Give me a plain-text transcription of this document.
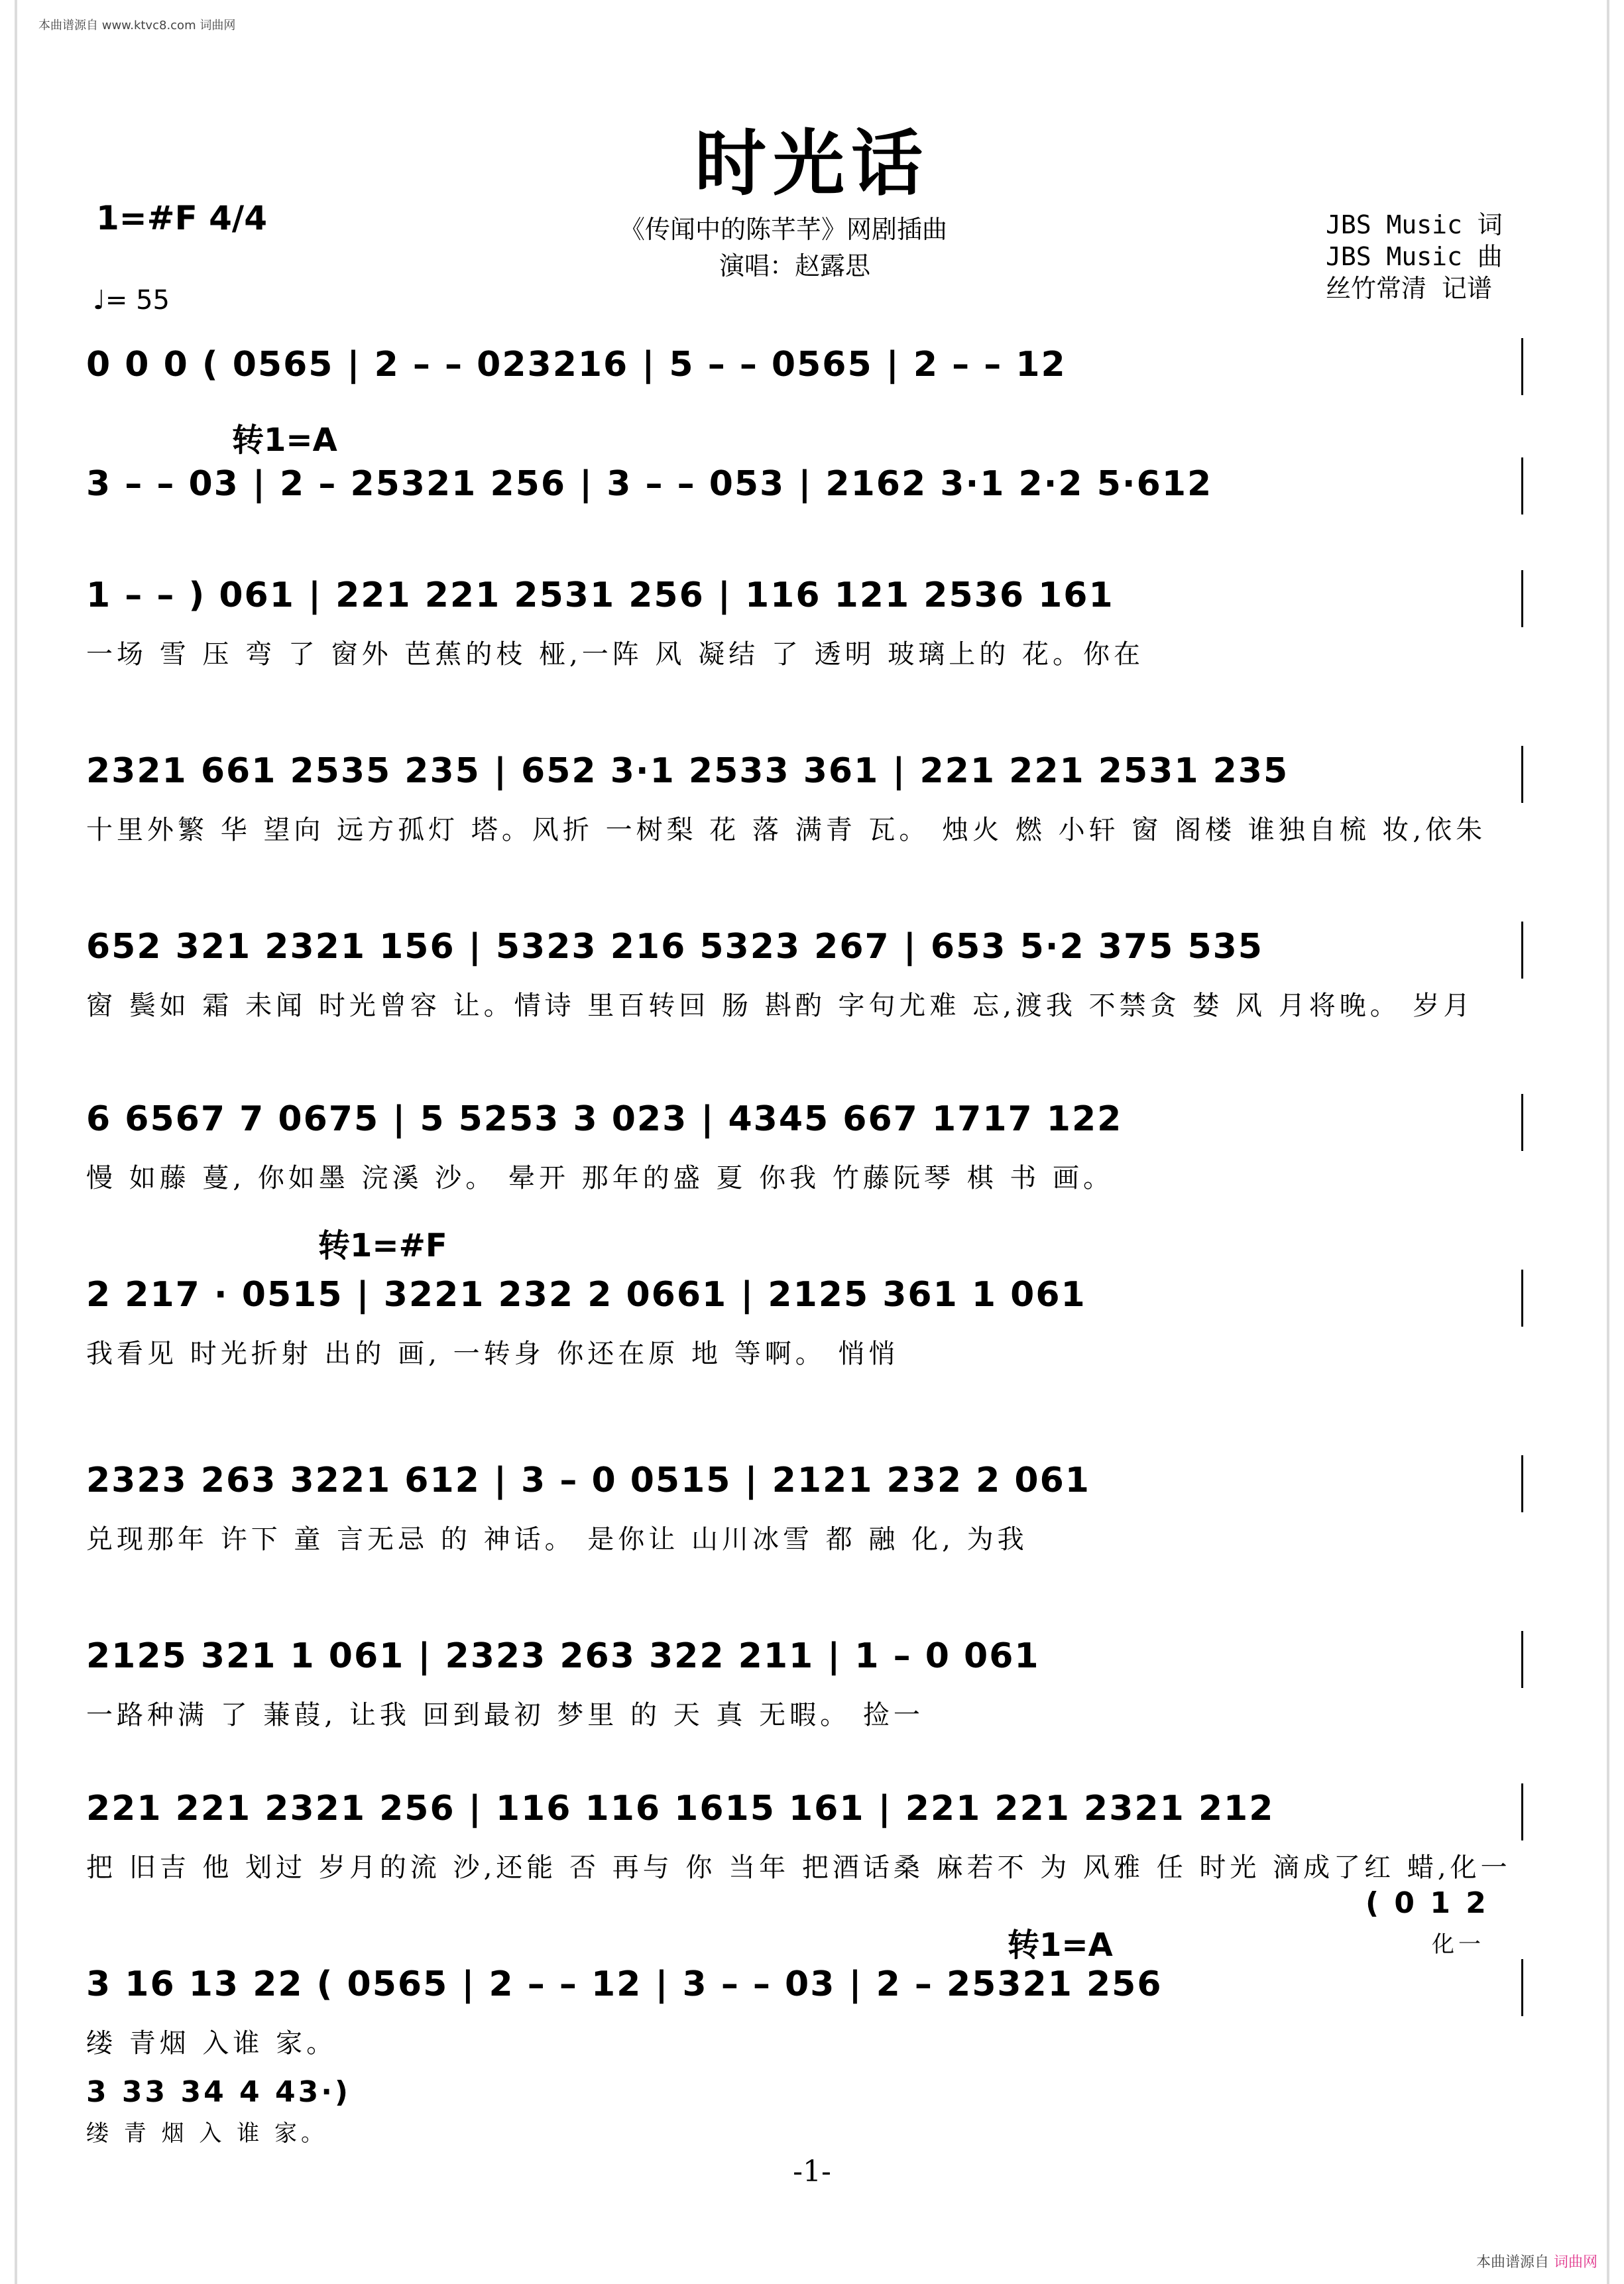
本曲谱源自 www.ktvc8.com 词曲网
时光话
1=#F 4/4
♩= 55
《传闻中的陈芊芊》网剧插曲
演唱：赵露思
JBS Music 词
JBS Music 曲
丝竹常清 记谱
转1=A
转1=#F
转1=A
0 0 0 ( 0565 | 2 – – 023216 | 5 – – 0565 | 2 – – 12
3 – – 03 | 2 – 25321 256 | 3 – – 053 | 2162 3·1 2·2 5·612
1 – – ) 061 | 221 221 2531 256 | 116 121 2536 161
一场 雪 压 弯 了 窗外 芭蕉的枝 桠,一阵 风 凝结 了 透明 玻璃上的 花。你在
2321 661 2535 235 | 652 3·1 2533 361 | 221 221 2531 235
十里外繁 华 望向 远方孤灯 塔。风折 一树梨 花 落 满青 瓦。 烛火 燃 小轩 窗 阁楼 谁独自梳 妆,依朱
652 321 2321 156 | 5323 216 5323 267 | 653 5·2 375 535
窗 鬓如 霜 未闻 时光曾容 让。情诗 里百转回 肠 斟酌 字句尤难 忘,渡我 不禁贪 婪 风 月将晚。 岁月
6 6567 7 0675 | 5 5253 3 023 | 4345 667 1717 122
慢 如藤 蔓, 你如墨 浣溪 沙。 晕开 那年的盛 夏 你我 竹藤阮琴 棋 书 画。
2 217 · 0515 | 3221 232 2 0661 | 2125 361 1 061
我看见 时光折射 出的 画, 一转身 你还在原 地 等啊。 悄悄
2323 263 3221 612 | 3 – 0 0515 | 2121 232 2 061
兑现那年 许下 童 言无忌 的 神话。 是你让 山川冰雪 都 融 化, 为我
2125 321 1 061 | 2323 263 322 211 | 1 – 0 061
一路种满 了 蒹葭, 让我 回到最初 梦里 的 天 真 无暇。 捡一
221 221 2321 256 | 116 116 1615 161 | 221 221 2321 212
把 旧吉 他 划过 岁月的流 沙,还能 否 再与 你 当年 把酒话桑 麻若不 为 风雅 任 时光 滴成了红 蜡,化一
( 0 1 2
化一
3 16 13 22 ( 0565 | 2 – – 12 | 3 – – 03 | 2 – 25321 256
缕 青烟 入谁 家。
3 33 34 4 43·)
缕 青 烟 入 谁 家。
-1-
本曲谱源自 词曲网
